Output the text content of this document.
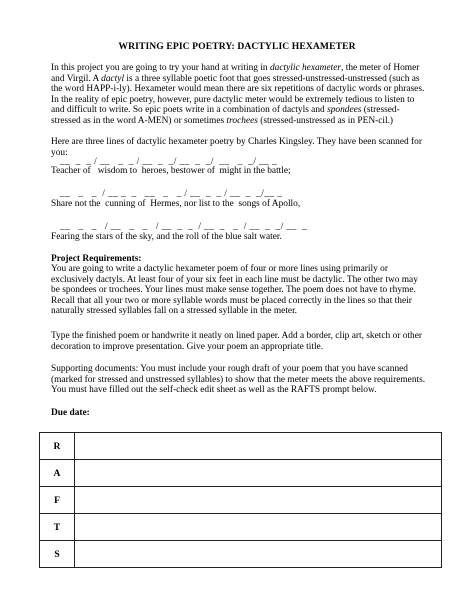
WRITING EPIC POETRY: DACTYLIC HEXAMETER
In this project you are going to try your hand at writing in dactylic hexameter, the meter of Homer and Virgil. A dactyl is a three syllable poetic foot that goes stressed-unstressed-unstressed (such as the word HAPP-i-ly). Hexameter would mean there are six repetitions of dactylic words or phrases. In the reality of epic poetry, however, pure dactylic meter would be extremely tedious to listen to and difficult to write. So epic poets write in a combination of dactyls and spondees (stressed-stressed as in the word A-MEN) or sometimes trochees (stressed-unstressed as in PEN-cil.)
Here are three lines of dactylic hexameter poetry by Charles Kingsley. They have been scanned for you:
__  _  _ / __   _  _ / __  _  _/ __  _  _/  __   _  _/ __ _
Teacher of   wisdom to  heroes, bestower of  might in the battle;
__   _   _  / __ _  _   __   _   _ / __  _  _ / __  _  _/__ _
Share not the  cunning of  Hermes, nor list to the  songs of Apollo,
__   _   _   / __   _   _   / __  _  _  / __  _   _  / __  _  _/ __  _
Fearing the stars of the sky, and the roll of the blue salt water.
Project Requirements:
You are going to write a dactylic hexameter poem of four or more lines using primarily or exclusively dactyls. At least four of your six feet in each line must be dactylic. The other two may be spondees or trochees. Your lines must make sense together. The poem does not have to rhyme. Recall that all your two or more syllable words must be placed correctly in the lines so that their naturally stressed syllables fall on a stressed syllable in the meter.
Type the finished poem or handwrite it neatly on lined paper. Add a border, clip art, sketch or other decoration to improve presentation. Give your poem an appropriate title.
Supporting documents: You must include your rough draft of your poem that you have scanned (marked for stressed and unstressed syllables) to show that the meter meets the above requirements. You must have filled out the self-check edit sheet as well as the RAFTS prompt below.
Due date:
R	
A	
F	
T	
S	
